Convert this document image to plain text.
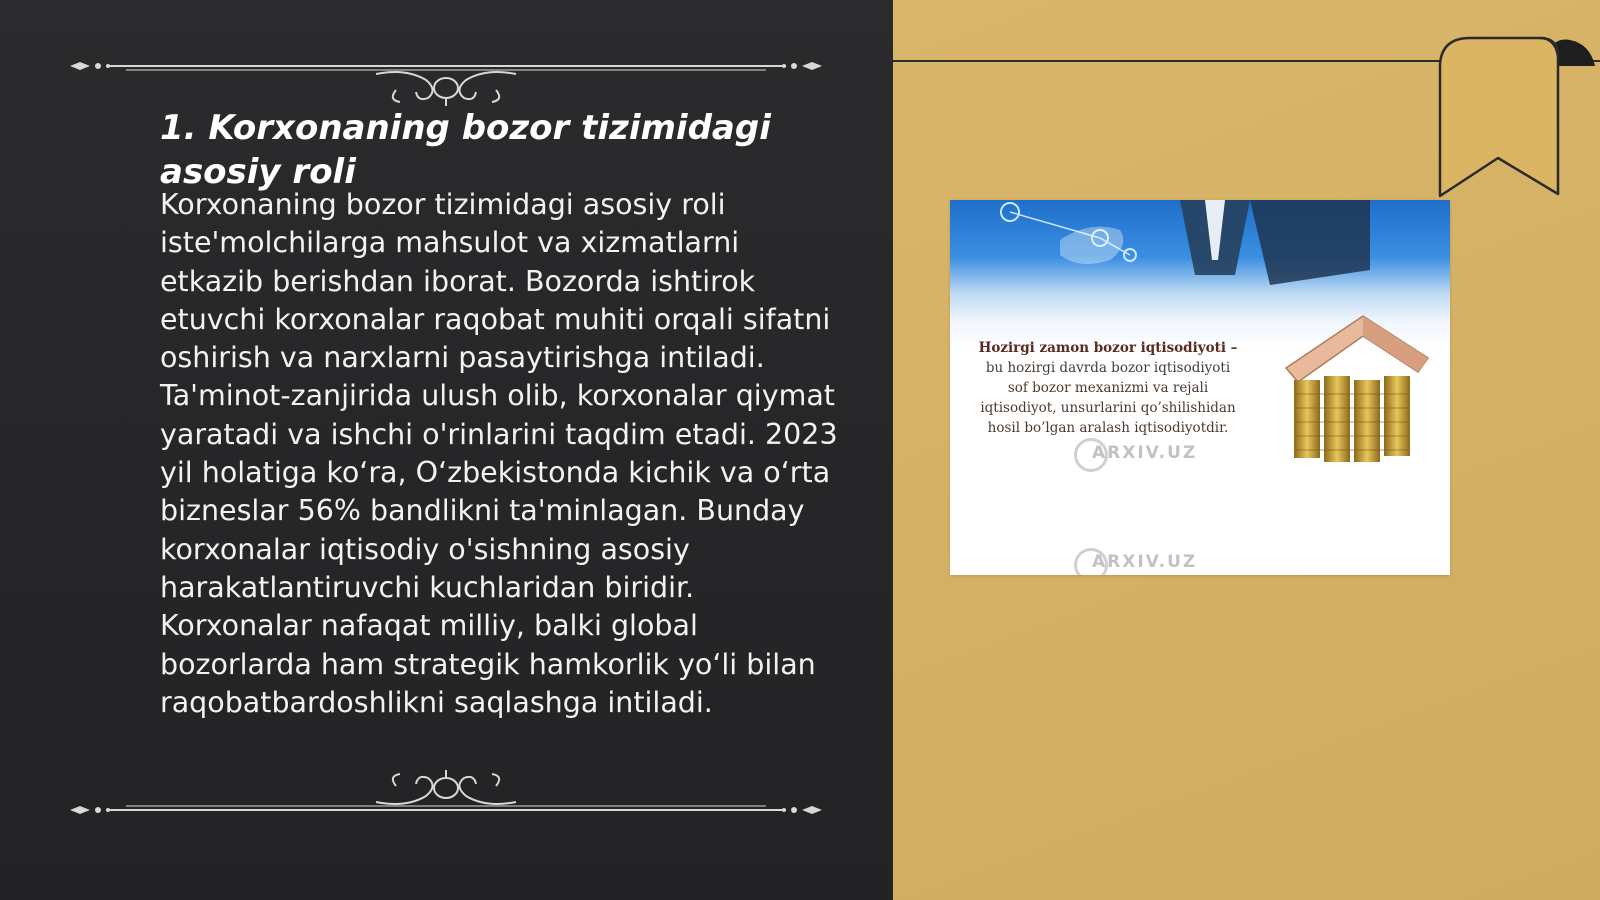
1. Korxonaning bozor tizimidagi asosiy roli

Korxonaning bozor tizimidagi asosiy roli iste'molchilarga mahsulot va xizmatlarni etkazib berishdan iborat. Bozorda ishtirok etuvchi korxonalar raqobat muhiti orqali sifatni oshirish va narxlarni pasaytirishga intiladi. Ta'minot-zanjirida ulush olib, korxonalar qiymat yaratadi va ishchi o'rinlarini taqdim etadi. 2023 yil holatiga ko‘ra, O‘zbekistonda kichik va o‘rta bizneslar 56% bandlikni ta'minlagan. Bunday korxonalar iqtisodiy o'sishning asosiy harakatlantiruvchi kuchlaridan biridir. Korxonalar nafaqat milliy, balki global bozorlarda ham strategik hamkorlik yo‘li bilan raqobatbardoshlikni saqlashga intiladi.

Hozirgi zamon bozor iqtisodiyoti –
bu hozirgi davrda bozor iqtisodiyoti sof bozor mexanizmi va rejali iqtisodiyot, unsurlarini qo’shilishidan hosil bo’lgan aralash iqtisodiyotdir.
ARXIV.UZ
ARXIV.UZ
